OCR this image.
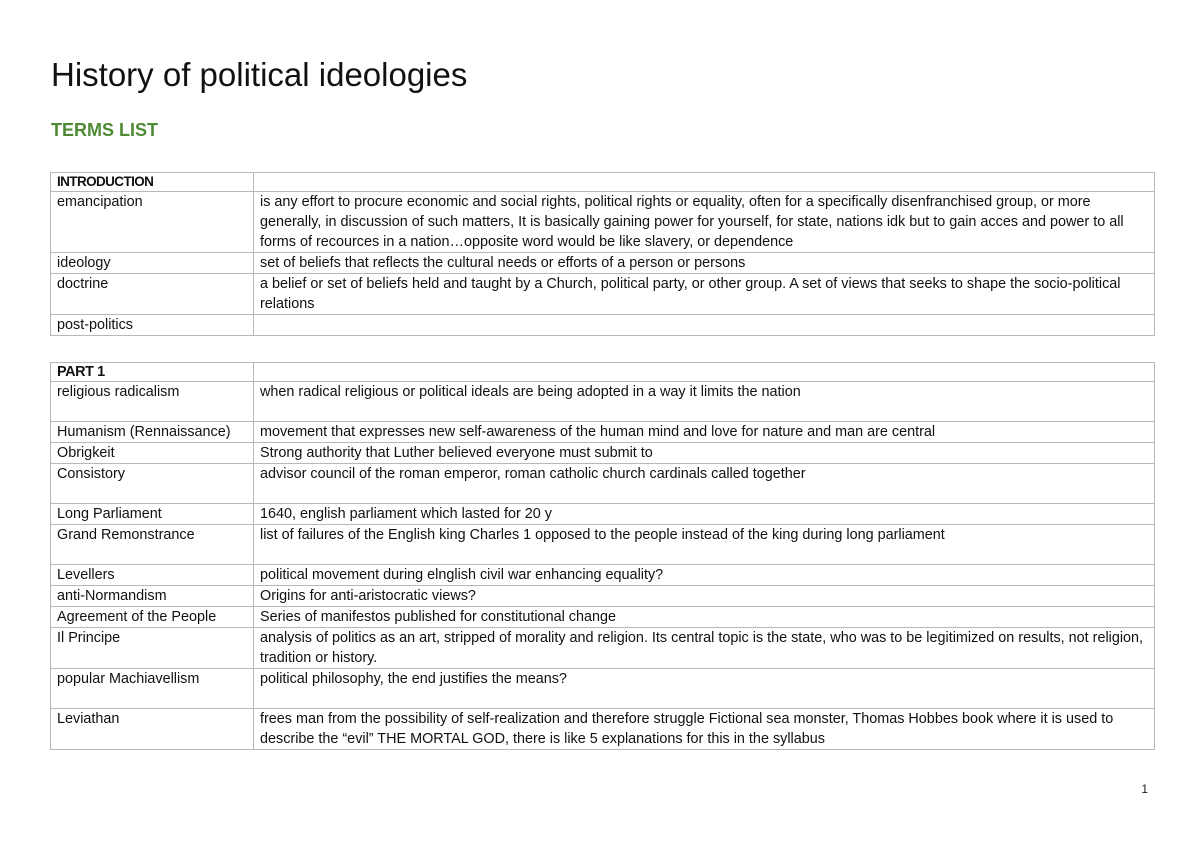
History of political ideologies
TERMS LIST
INTRODUCTION	
emancipation	is any effort to procure economic and social rights, political rights or equality, often for a specifically disenfranchised group, or more generally, in discussion of such matters, It is basically gaining power for yourself, for state, nations idk but to gain acces and power to all forms of recources in a nation…opposite word would be like slavery, or dependence
ideology	set of beliefs that reflects the cultural needs or efforts of a person or persons
doctrine	a belief or set of beliefs held and taught by a Church, political party, or other group. A set of views that seeks to shape the socio-political relations
post-politics	
PART 1	
religious radicalism	when radical religious or political ideals are being adopted in a way it limits the nation
Humanism (Rennaissance)	movement that expresses new self-awareness of the human mind and love for nature and man are central
Obrigkeit	Strong authority that Luther believed everyone must submit to
Consistory	advisor council of the roman emperor, roman catholic church cardinals called together
Long Parliament	1640, english parliament which lasted for 20 y
Grand Remonstrance	list of failures of the English king Charles 1 opposed to the people instead of the king during long parliament
Levellers	political movement during elnglish civil war enhancing equality?
anti-Normandism	Origins for anti-aristocratic views?
Agreement of the People	Series of manifestos published for constitutional change
Il Principe	analysis of politics as an art, stripped of morality and religion. Its central topic is the state, who was to be legitimized on results, not religion, tradition or history.
popular Machiavellism	political philosophy, the end justifies the means?
Leviathan	frees man from the possibility of self-realization and therefore struggle Fictional sea monster, Thomas Hobbes book where it is used to describe the “evil” THE MORTAL GOD, there is like 5 explanations for this in the syllabus
1
